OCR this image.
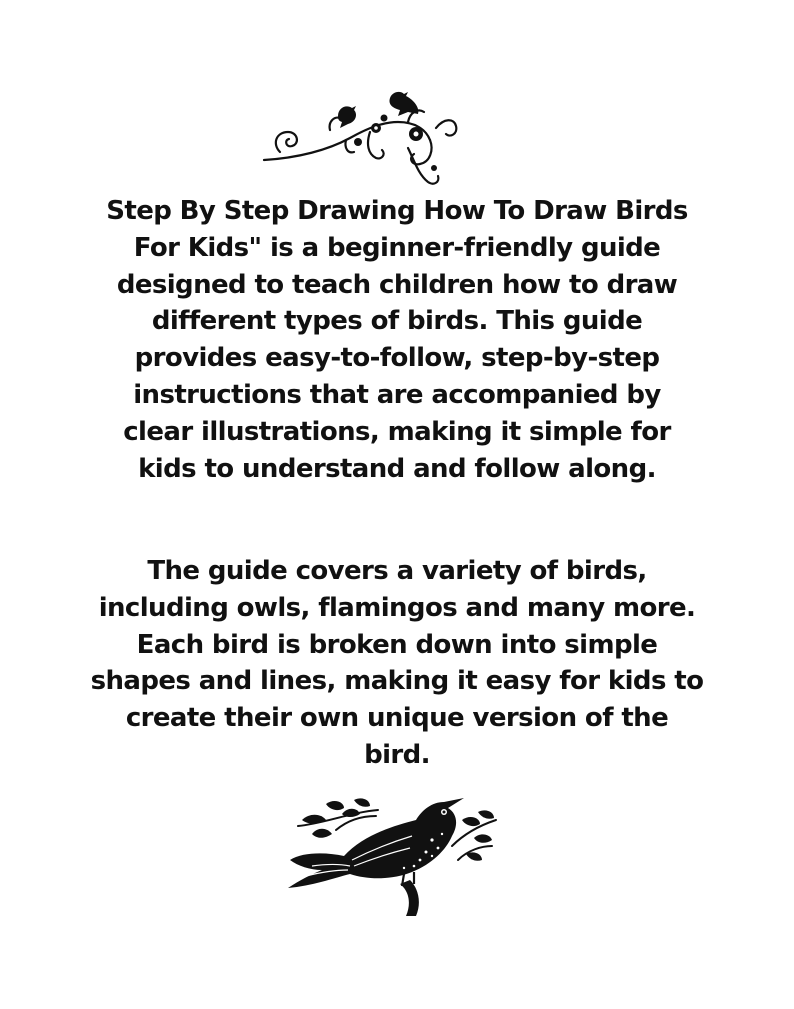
Step By Step Drawing How To Draw Birds
For Kids" is a beginner-friendly guide
designed to teach children how to draw
different types of birds. This guide
provides easy-to-follow, step-by-step
instructions that are accompanied by
clear illustrations, making it simple for
kids to understand and follow along.
The guide covers a variety of birds,
including owls, flamingos and many more.
Each bird is broken down into simple
shapes and lines, making it easy for kids to
create their own unique version of the
bird.
